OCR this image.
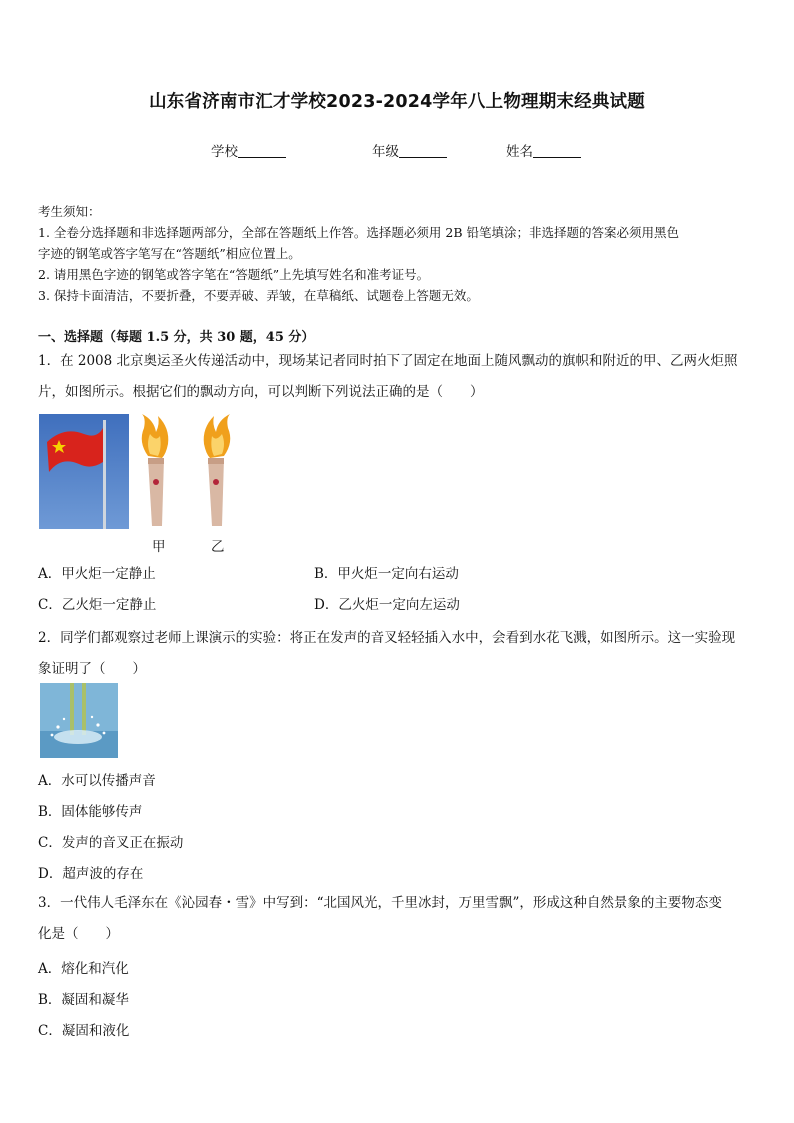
山东省济南市汇才学校2023-2024学年八上物理期末经典试题
学校	年级	姓名
考生须知：
1. 全卷分选择题和非选择题两部分，全部在答题纸上作答。选择题必须用 2B 铅笔填涂；非选择题的答案必须用黑色
字迹的钢笔或答字笔写在“答题纸”相应位置上。
2. 请用黑色字迹的钢笔或答字笔在“答题纸”上先填写姓名和准考证号。
3. 保持卡面清洁，不要折叠，不要弄破、弄皱，在草稿纸、试题卷上答题无效。
一、选择题（每题 1.5 分，共 30 题，45 分）
1．在 2008 北京奥运圣火传递活动中，现场某记者同时拍下了固定在地面上随风飘动的旗帜和附近的甲、乙两火炬照
片，如图所示。根据它们的飘动方向，可以判断下列说法正确的是（　　）
甲	乙
A．甲火炬一定静止	B．甲火炬一定向右运动
C．乙火炬一定静止	D．乙火炬一定向左运动
2．同学们都观察过老师上课演示的实验：将正在发声的音叉轻轻插入水中，会看到水花飞溅，如图所示。这一实验现
象证明了（　　）
A．水可以传播声音
B．固体能够传声
C．发声的音叉正在振动
D．超声波的存在
3．一代伟人毛泽东在《沁园春・雪》中写到：“北国风光，千里冰封，万里雪飘”，形成这种自然景象的主要物态变
化是（　　）
A．熔化和汽化
B．凝固和凝华
C．凝固和液化
